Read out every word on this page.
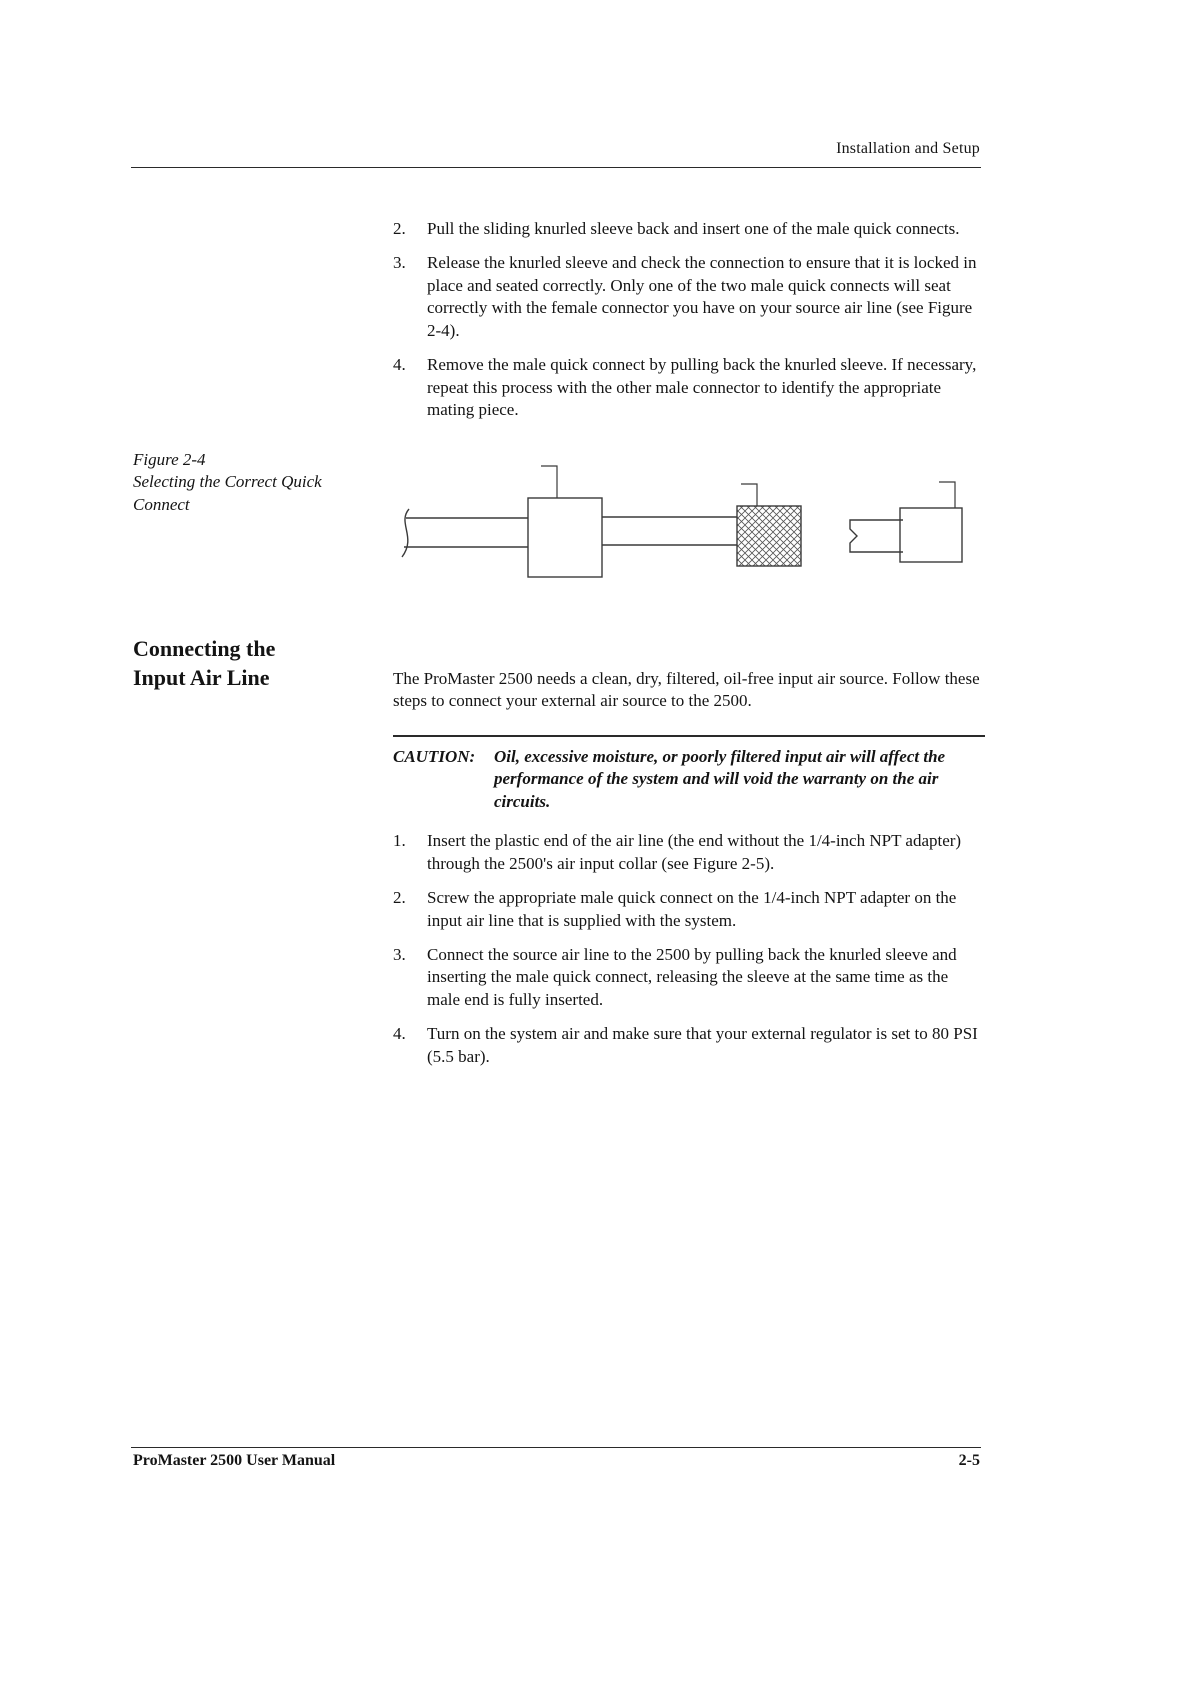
Installation and Setup
2.	Pull the sliding knurled sleeve back and insert one of the male quick connects.
3.	Release the knurled sleeve and check the connection to ensure that it is locked in place and seated correctly. Only one of the two male quick connects will seat correctly with the female connector you have on your source air line (see Figure 2-4).
4.	Remove the male quick connect by pulling back the knurled sleeve. If necessary, repeat this process with the other male connector to identify the appropriate mating piece.
Figure 2-4
Selecting the Correct Quick Connect
Connecting the
Input Air Line	The ProMaster 2500 needs a clean, dry, filtered, oil-free input air source. Follow these steps to connect your external air source to the 2500.

CAUTION:	Oil, excessive moisture, or poorly filtered input air will affect the performance of the system and will void the warranty on the air circuits.
1.	Insert the plastic end of the air line (the end without the 1/4-inch NPT adapter) through the 2500's air input collar (see Figure 2-5).
2.	Screw the appropriate male quick connect on the 1/4-inch NPT adapter on the input air line that is supplied with the system.
3.	Connect the source air line to the 2500 by pulling back the knurled sleeve and inserting the male quick connect, releasing the sleeve at the same time as the male end is fully inserted.
4.	Turn on the system air and make sure that your external regulator is set to 80 PSI (5.5 bar).
ProMaster 2500 User Manual	2-5
